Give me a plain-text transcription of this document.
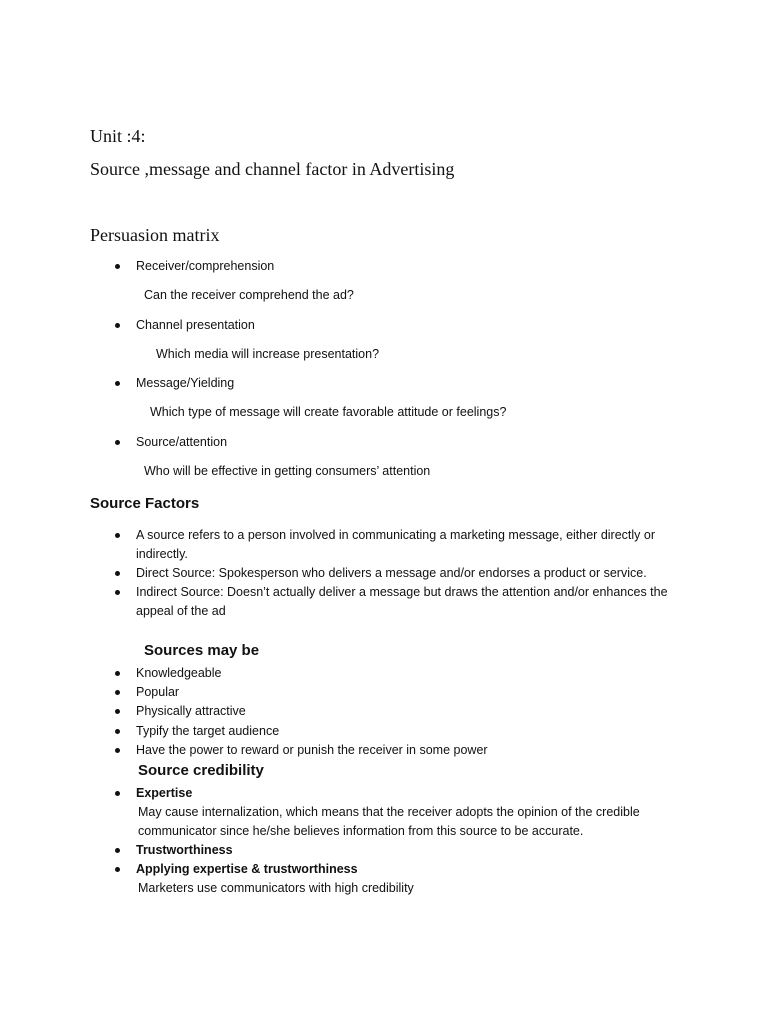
Unit :4:
Source ,message and channel factor in Advertising
Persuasion matrix
Receiver/comprehension
Can the receiver comprehend the ad?
Channel presentation
Which media will increase presentation?
Message/Yielding
Which type of message will create favorable attitude or feelings?
Source/attention
Who will be effective in getting consumers’ attention
Source Factors
A source refers to a person involved in communicating a marketing message, either directly or
indirectly.
Direct Source: Spokesperson who delivers a message and/or endorses a product or service.
Indirect Source: Doesn’t actually deliver a message but draws the attention and/or enhances the
appeal of the ad
Sources may be
Knowledgeable
Popular
Physically attractive
Typify the target audience
Have the power to reward or punish the receiver in some power
Source credibility
Expertise
May cause internalization, which means that the receiver adopts the opinion of the credible
communicator since he/she believes information from this source to be accurate.
Trustworthiness
Applying expertise & trustworthiness
Marketers use communicators with high credibility
